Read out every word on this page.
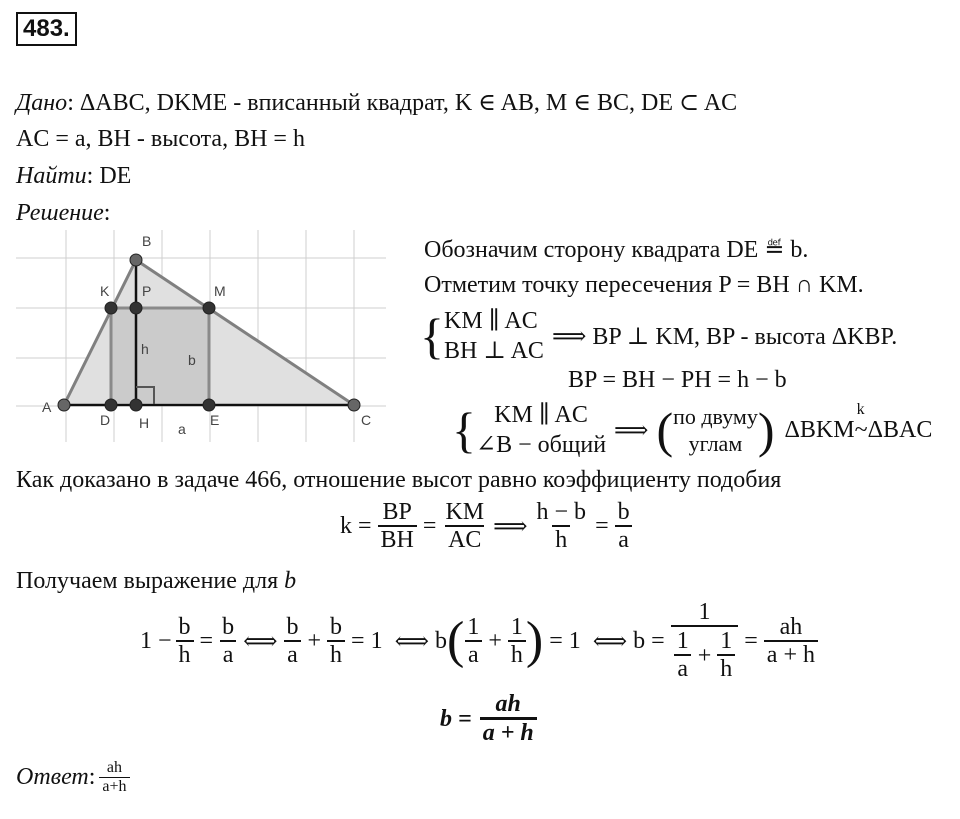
483.
Дано: ΔABC, DKME - вписанный квадрат, K ∈ AB, M ∈ BC, DE ⊂ AC
AC = a, BH - высота, BH = h
Найти: DE
Решение:
A
B
C
K P	M
D H	E
h
b
a
Обозначим сторону квадрата DE ≝ b.
Отметим точку пересечения P = BH ∩ KM.
{ KM ∥ AC
BH ⊥ AC
⟹ BP ⊥ KM, BP - высота ΔKBP.
BP = BH − PH = h − b
{ KM ∥ AC
∠B − общий
⟹ ( по двуму
углам ) ΔBKM
k
~ΔBAC
Как доказано в задаче 466, отношение высот равно коэффициенту подобия
$k = \frac{BP}{BH} = \frac{KM}{AC}$ ⟹ $\frac{h - b}{h} = \frac{b}{a}$
Получаем выражение для b
$1 - \frac{b}{h} = \frac{b}{a}$ ⟺ $\frac{b}{a} + \frac{b}{h} = 1$ ⟺ b ( $\frac{1}{a} + \frac{1}{h}$ ) = 1 ⟺ $b = \frac{1}{\frac{1}{a} + \frac{1}{h}} = \frac{ah}{a + h}$
$b = \frac{ah}{a + h}$
Ответ : $\frac{ah}{a+h}$
